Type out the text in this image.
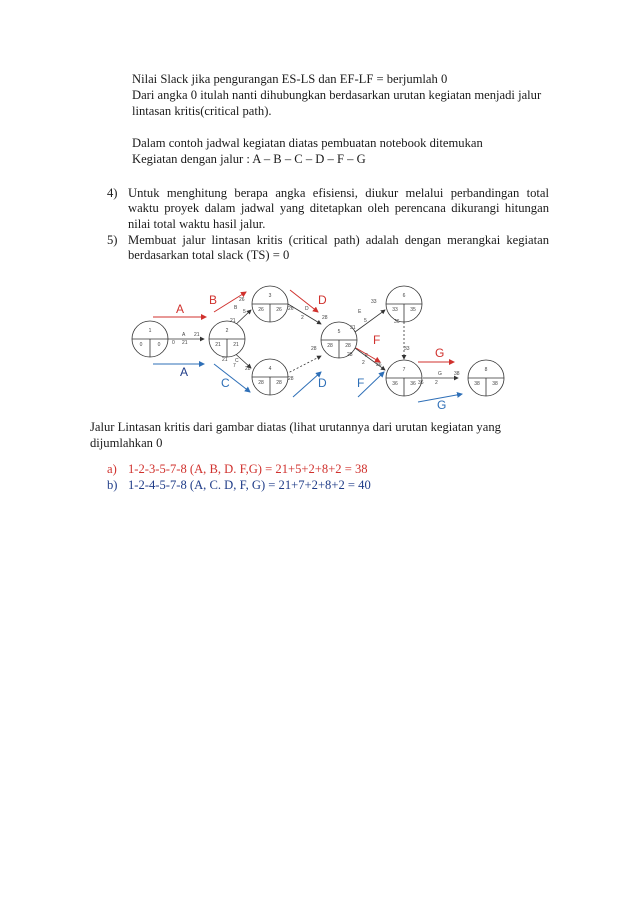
Nilai Slack jika pengurangan ES-LS dan EF-LF = berjumlah 0
Dari angka 0 itulah nanti dihubungkan berdasarkan urutan kegiatan menjadi jalur
lintasan kritis(critical path).
Dalam contoh jadwal kegiatan diatas pembuatan notebook ditemukan
Kegiatan dengan jalur : A – B – C – D – F – G
4) Untuk menghitung berapa angka efisiensi, diukur melalui perbandingan total waktu proyek dalam jadwal yang ditetapkan oleh perencana dikurangi hitungan nilai total waktu hasil jalur.
5) Membuat jalur lintasan kritis (critical path) adalah dengan merangkai kegiatan berdasarkan total slack (TS) = 0
1
0	0
2
21 21
3
26 26
4
28 28
5
28 28
6
33 35
7
36 36
8
38 38
A 21
0 21
26
B
5
21
21 C
7 28
26 D
2	28
28
28
33
E
5
31
28 F
2 36
33
36
36
G
2
38
A
B	D
F
G
A
C	D	F
G
Jalur Lintasan kritis dari gambar diatas (lihat urutannya dari urutan kegiatan yang
dijumlahkan 0
a) 1-2-3-5-7-8 (A, B, D. F,G) = 21+5+2+8+2 = 38
b) 1-2-4-5-7-8 (A, C. D, F, G) = 21+7+2+8+2 = 40
